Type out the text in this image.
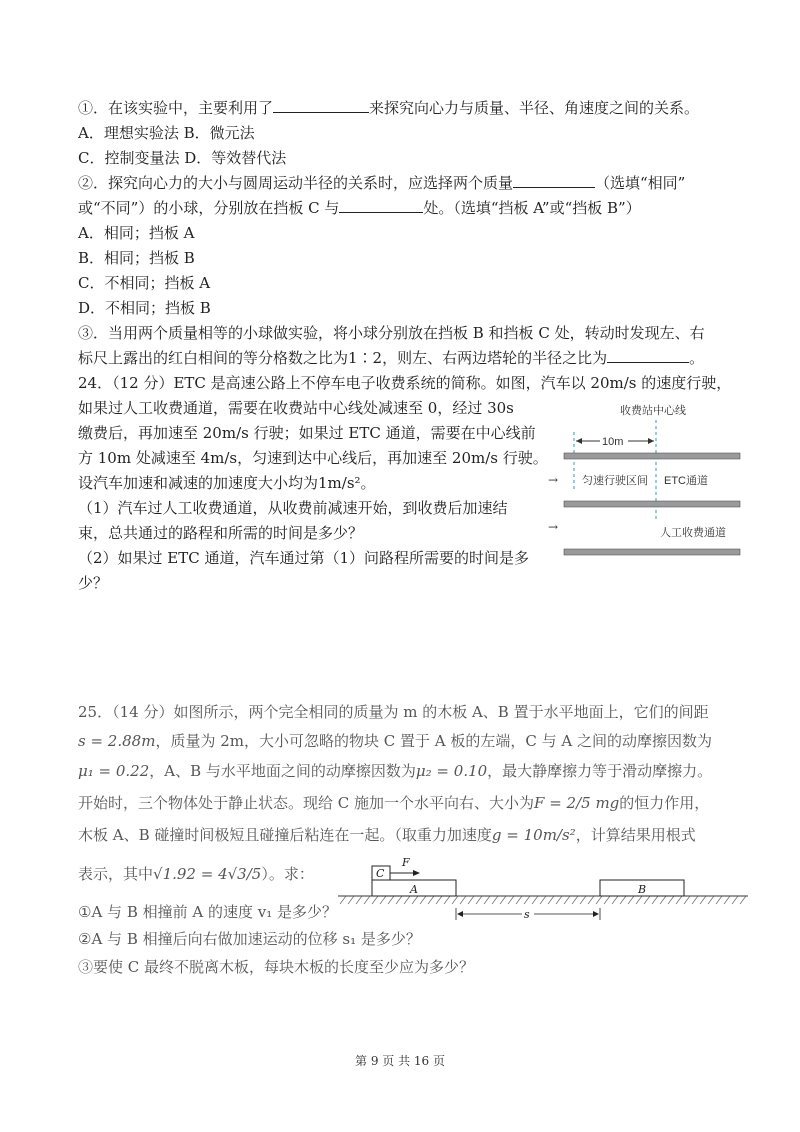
①．在该实验中，主要利用了	来探究向心力与质量、半径、角速度之间的关系。
A．理想实验法 B．微元法
C．控制变量法 D．等效替代法
②．探究向心力的大小与圆周运动半径的关系时，应选择两个质量	（选填“相同”
或“不同”）的小球，分别放在挡板 C 与	处。（选填“挡板 A”或“挡板 B”）
A．相同；挡板 A
B．相同；挡板 B
C．不相同；挡板 A
D．不相同；挡板 B
③．当用两个质量相等的小球做实验，将小球分别放在挡板 B 和挡板 C 处，转动时发现左、右
标尺上露出的红白相间的等分格数之比为1∶2，则左、右两边塔轮的半径之比为	。
24．（12 分）ETC 是高速公路上不停车电子收费系统的简称。如图，汽车以 20m/s 的速度行驶，
如果过人工收费通道，需要在收费站中心线处减速至 0，经过 30s
缴费后，再加速至 20m/s 行驶；如果过 ETC 通道，需要在中心线前
方 10m 处减速至 4m/s，匀速到达中心线后，再加速至 20m/s 行驶。
设汽车加速和减速的加速度大小均为1m/s²。
（1）汽车过人工收费通道，从收费前减速开始，到收费后加速结
束，总共通过的路程和所需的时间是多少？
（2）如果过 ETC 通道，汽车通过第（1）问路程所需要的时间是多
少？
收费站中心线
10m
匀速行驶区间 ETC通道
→
人工收费通道
→
25．（14 分）如图所示，两个完全相同的质量为 m 的木板 A、B 置于水平地面上，它们的间距
s = 2.88m，质量为 2m，大小可忽略的物块 C 置于 A 板的左端，C 与 A 之间的动摩擦因数为
μ₁ = 0.22，A、B 与水平地面之间的动摩擦因数为μ₂ = 0.10，最大静摩擦力等于滑动摩擦力。
开始时，三个物体处于静止状态。现给 C 施加一个水平向右、大小为F = 2/5 mg的恒力作用，
木板 A、B 碰撞时间极短且碰撞后粘连在一起。（取重力加速度g = 10m/s²，计算结果用根式
表示，其中√1.92 = 4√3/5）。求：
①A 与 B 相撞前 A 的速度 v₁ 是多少？
②A 与 B 相撞后向右做加速运动的位移 s₁ 是多少？
③要使 C 最终不脱离木板，每块木板的长度至少应为多少？
A
C
F
B
s
第 9 页 共 16 页
